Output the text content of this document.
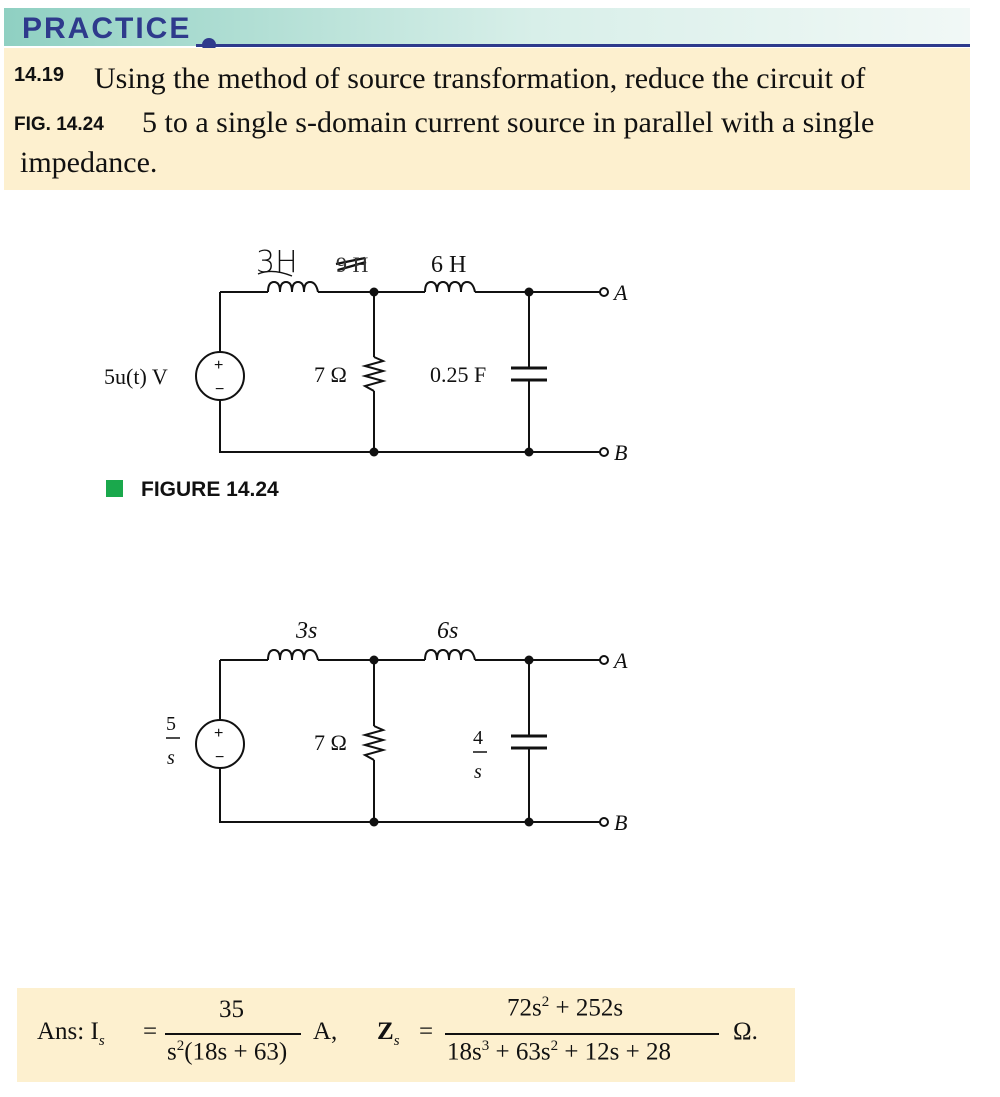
PRACTICE
14.19
FIG. 14.24
Using the method of source transformation, reduce the circuit of
5 to a single s-domain current source in parallel with a single
impedance.
3H 9 H	6 H
5u(t) V	7 Ω	0.25 F
A
B
+
−
FIGURE 14.24
3s	6s
5
s
7 Ω	4
s
A
B
+
−
Ans: $I_s$ =
35
$s^2(18s + 63)$
A, $Z_s$ =
$72s^2 + 252s$
$18s^3 + 63s^2 + 12s + 28$
Ω.
